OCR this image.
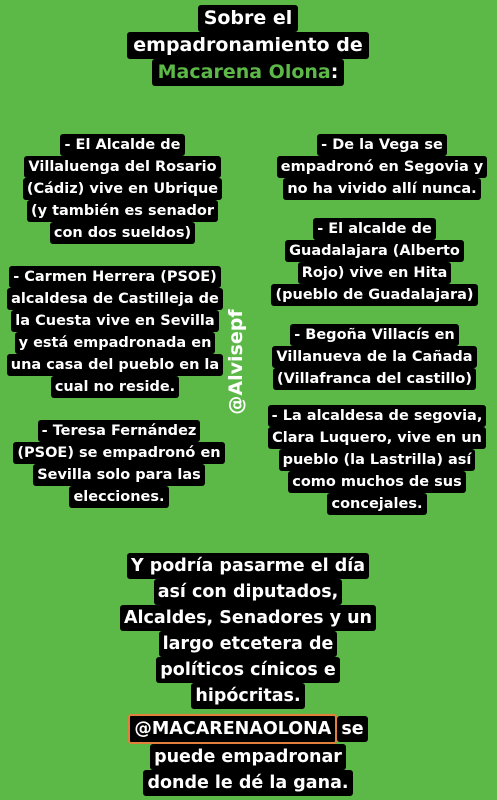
Sobre el
empadronamiento de
Macarena Olona:
- El Alcalde de
Villaluenga del Rosario
(Cádiz) vive en Ubrique
(y también es senador
con dos sueldos)
- Carmen Herrera (PSOE)
alcaldesa de Castilleja de
la Cuesta vive en Sevilla
y está empadronada en
una casa del pueblo en la
cual no reside.
- Teresa Fernández
(PSOE) se empadronó en
Sevilla solo para las
elecciones.
@Alvisepf
- De la Vega se
empadronó en Segovia y
no ha vivido allí nunca.
- El alcalde de
Guadalajara (Alberto
Rojo) vive en Hita
(pueblo de Guadalajara)
- Begoña Villacís en
Villanueva de la Cañada
(Villafranca del castillo)
- La alcaldesa de segovia,
Clara Luquero, vive en un
pueblo (la Lastrilla) así
como muchos de sus
concejales.
Y podría pasarme el día
así con diputados,
Alcaldes, Senadores y un
largo etcetera de
políticos cínicos e
hipócritas.
@MACARENAOLONA se
puede empadronar
donde le dé la gana.
